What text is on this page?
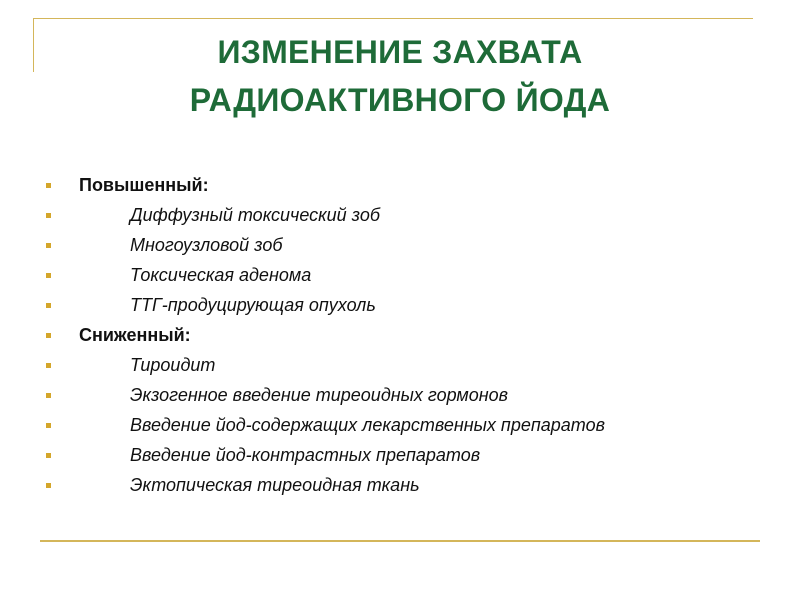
ИЗМЕНЕНИЕ ЗАХВАТА
РАДИОАКТИВНОГО ЙОДА
Повышенный:
Диффузный токсический зоб
Многоузловой зоб
Токсическая аденома
ТТГ-продуцирующая опухоль
Сниженный:
Тироидит
Экзогенное введение тиреоидных гормонов
Введение йод-содержащих лекарственных препаратов
Введение йод-контрастных препаратов
Эктопическая тиреоидная ткань
